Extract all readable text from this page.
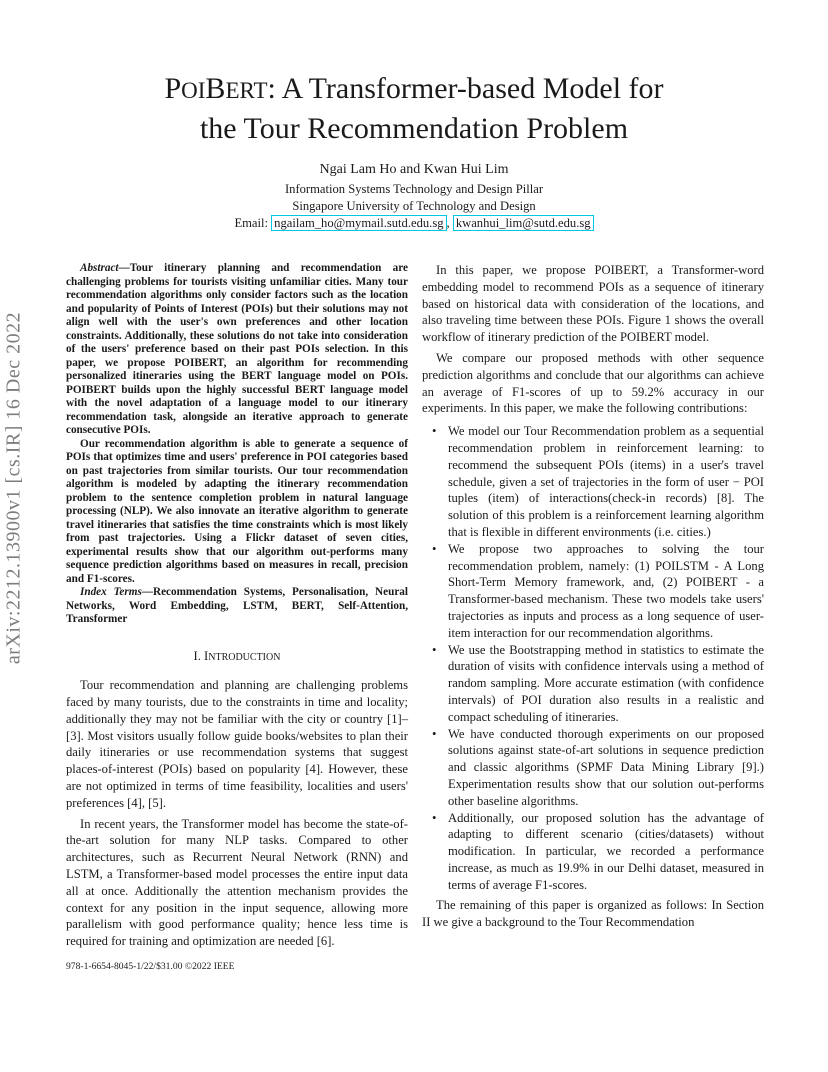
POIBERT: A Transformer-based Model for
the Tour Recommendation Problem
Ngai Lam Ho and Kwan Hui Lim
Information Systems Technology and Design Pillar
Singapore University of Technology and Design
Email: ngailam_ho@mymail.sutd.edu.sg , kwanhui_lim@sutd.edu.sg
arXiv:2212.13900v1 [cs.IR] 16 Dec 2022

Abstract—Tour itinerary planning and recommendation are challenging problems for tourists visiting unfamiliar cities. Many tour recommendation algorithms only consider factors such as the location and popularity of Points of Interest (POIs) but their solutions may not align well with the user's own preferences and other location constraints. Additionally, these solutions do not take into consideration of the users' preference based on their past POIs selection. In this paper, we propose POIBERT, an algorithm for recommending personalized itineraries using the BERT language model on POIs. POIBERT builds upon the highly successful BERT language model with the novel adaptation of a language model to our itinerary recommendation task, alongside an iterative approach to generate consecutive POIs.

Our recommendation algorithm is able to generate a sequence of POIs that optimizes time and users' preference in POI categories based on past trajectories from similar tourists. Our tour recommendation algorithm is modeled by adapting the itinerary recommendation problem to the sentence completion problem in natural language processing (NLP). We also innovate an iterative algorithm to generate travel itineraries that satisfies the time constraints which is most likely from past trajectories. Using a Flickr dataset of seven cities, experimental results show that our algorithm out-performs many sequence prediction algorithms based on measures in recall, precision and F1-scores.

Index Terms—Recommendation Systems, Personalisation, Neural Networks, Word Embedding, LSTM, BERT, Self-Attention, Transformer

I. INTRODUCTION

Tour recommendation and planning are challenging problems faced by many tourists, due to the constraints in time and locality; additionally they may not be familiar with the city or country [1]–[3]. Most visitors usually follow guide books/websites to plan their daily itineraries or use recommendation systems that suggest places-of-interest (POIs) based on popularity [4]. However, these are not optimized in terms of time feasibility, localities and users' preferences [4], [5].

In recent years, the Transformer model has become the state-of-the-art solution for many NLP tasks. Compared to other architectures, such as Recurrent Neural Network (RNN) and LSTM, a Transformer-based model processes the entire input data all at once. Additionally the attention mechanism provides the context for any position in the input sequence, allowing more parallelism with good performance quality; hence less time is required for training and optimization are needed [6].

In this paper, we propose POIBERT, a Transformer-word embedding model to recommend POIs as a sequence of itinerary based on historical data with consideration of the locations, and also traveling time between these POIs. Figure 1 shows the overall workflow of itinerary prediction of the POIBERT model.

We compare our proposed methods with other sequence prediction algorithms and conclude that our algorithms can achieve an average of F1-scores of up to 59.2% accuracy in our experiments. In this paper, we make the following contributions:

• We model our Tour Recommendation problem as a sequential recommendation problem in reinforcement learning: to recommend the subsequent POIs (items) in a user's travel schedule, given a set of trajectories in the form of user − POI tuples (item) of interactions(check-in records) [8]. The solution of this problem is a reinforcement learning algorithm that is flexible in different environments (i.e. cities.)
• We propose two approaches to solving the tour recommendation problem, namely: (1) POILSTM - A Long Short-Term Memory framework, and, (2) POIBERT - a Transformer-based mechanism. These two models take users' trajectories as inputs and process as a long sequence of user-item interaction for our recommendation algorithms.
• We use the Bootstrapping method in statistics to estimate the duration of visits with confidence intervals using a method of random sampling. More accurate estimation (with confidence intervals) of POI duration also results in a realistic and compact scheduling of itineraries.
• We have conducted thorough experiments on our proposed solutions against state-of-art solutions in sequence prediction and classic algorithms (SPMF Data Mining Library [9].) Experimentation results show that our solution out-performs other baseline algorithms.
• Additionally, our proposed solution has the advantage of adapting to different scenario (cities/datasets) without modification. In particular, we recorded a performance increase, as much as 19.9% in our Delhi dataset, measured in terms of average F1-scores.

The remaining of this paper is organized as follows: In Section II we give a background to the Tour Recommendation

978-1-6654-8045-1/22/$31.00 ©2022 IEEE
